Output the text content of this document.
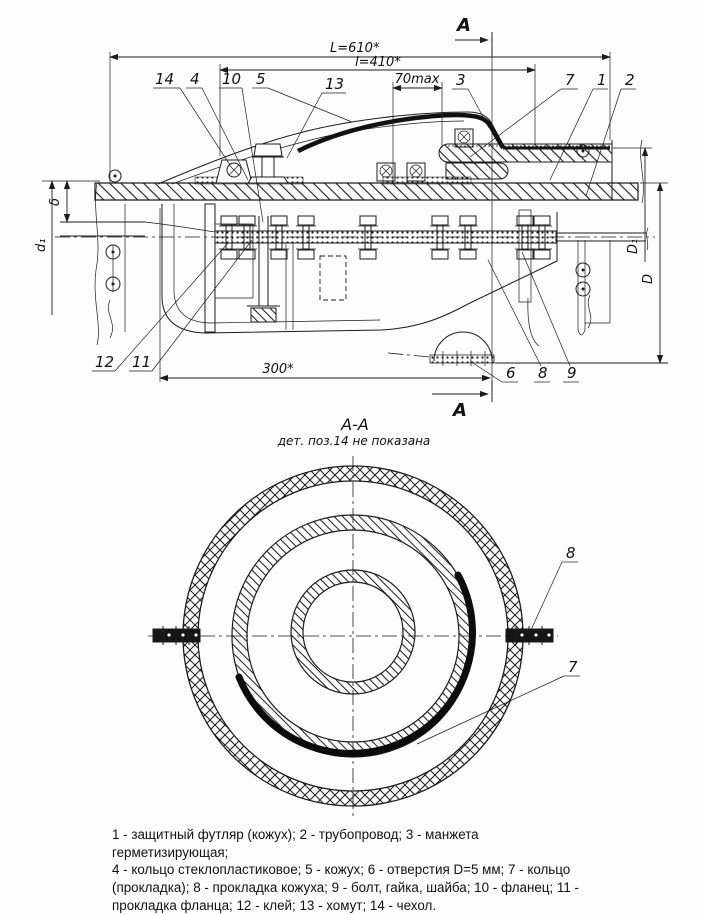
L=610*
l=410*
70max
300*
δ
d₁	D₁
D
A
A
14 4 10 5	13	3	7 1 2
12 11
6 8 9
А-А
дет. поз.14 не показана
8
7
1 - защитный футляр (кожух); 2 - трубопровод; 3 - манжета герметизирующая;
4 - кольцо стеклопластиковое; 5 - кожух; 6 - отверстия D=5 мм; 7 - кольцо
(прокладка); 8 - прокладка кожуха; 9 - болт, гайка, шайба; 10 - фланец; 11 -
прокладка фланца; 12 - клей; 13 - хомут; 14 - чехол.
